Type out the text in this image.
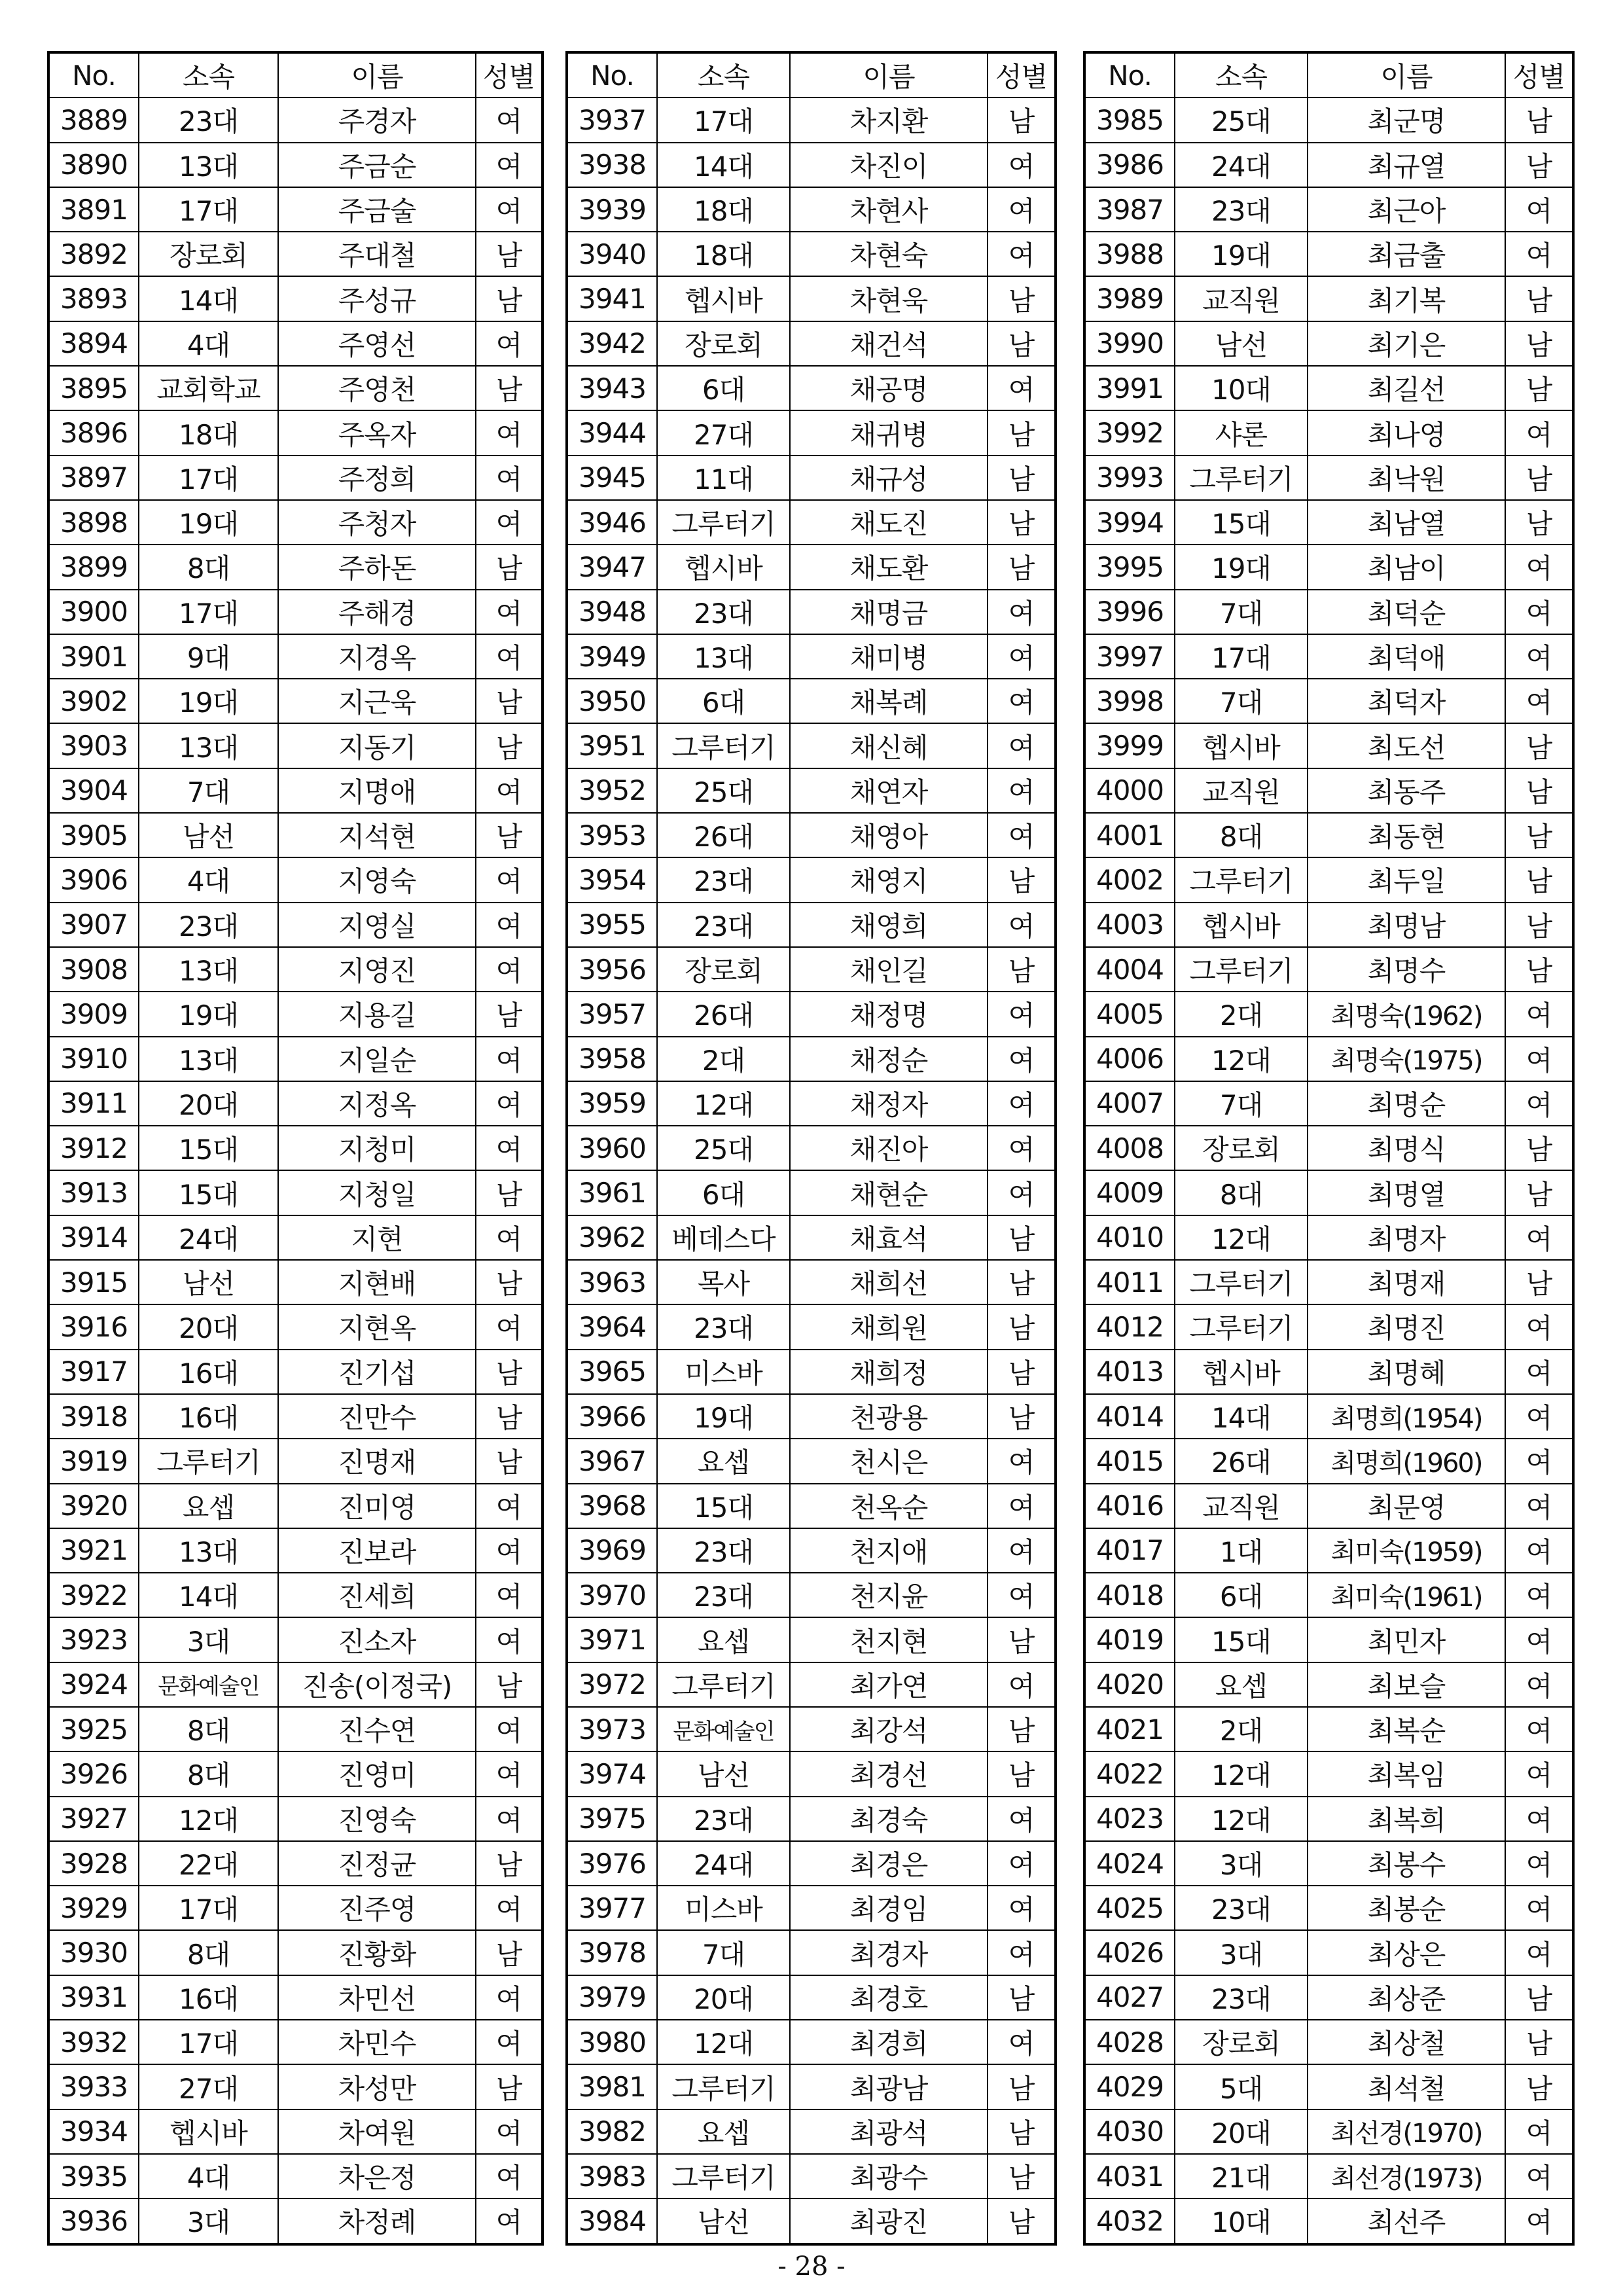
No.	소속	이름	성별
3889	23대	주경자	여
3890	13대	주금순	여
3891	17대	주금술	여
3892	장로회	주대철	남
3893	14대	주성규	남
3894	4대	주영선	여
3895	교회학교	주영천	남
3896	18대	주옥자	여
3897	17대	주정희	여
3898	19대	주청자	여
3899	8대	주하돈	남
3900	17대	주해경	여
3901	9대	지경옥	여
3902	19대	지근욱	남
3903	13대	지동기	남
3904	7대	지명애	여
3905	남선	지석현	남
3906	4대	지영숙	여
3907	23대	지영실	여
3908	13대	지영진	여
3909	19대	지용길	남
3910	13대	지일순	여
3911	20대	지정옥	여
3912	15대	지청미	여
3913	15대	지청일	남
3914	24대	지현	여
3915	남선	지현배	남
3916	20대	지현옥	여
3917	16대	진기섭	남
3918	16대	진만수	남
3919	그루터기	진명재	남
3920	요셉	진미영	여
3921	13대	진보라	여
3922	14대	진세희	여
3923	3대	진소자	여
3924	문화예술인	진송(이정국)	남
3925	8대	진수연	여
3926	8대	진영미	여
3927	12대	진영숙	여
3928	22대	진정균	남
3929	17대	진주영	여
3930	8대	진황화	남
3931	16대	차민선	여
3932	17대	차민수	여
3933	27대	차성만	남
3934	헵시바	차여원	여
3935	4대	차은정	여
3936	3대	차정례	여
No.	소속	이름	성별
3937	17대	차지환	남
3938	14대	차진이	여
3939	18대	차현사	여
3940	18대	차현숙	여
3941	헵시바	차현욱	남
3942	장로회	채건석	남
3943	6대	채공명	여
3944	27대	채귀병	남
3945	11대	채규성	남
3946	그루터기	채도진	남
3947	헵시바	채도환	남
3948	23대	채명금	여
3949	13대	채미병	여
3950	6대	채복례	여
3951	그루터기	채신혜	여
3952	25대	채연자	여
3953	26대	채영아	여
3954	23대	채영지	남
3955	23대	채영희	여
3956	장로회	채인길	남
3957	26대	채정명	여
3958	2대	채정순	여
3959	12대	채정자	여
3960	25대	채진아	여
3961	6대	채현순	여
3962	베데스다	채효석	남
3963	목사	채희선	남
3964	23대	채희원	남
3965	미스바	채희정	남
3966	19대	천광용	남
3967	요셉	천시은	여
3968	15대	천옥순	여
3969	23대	천지애	여
3970	23대	천지윤	여
3971	요셉	천지현	남
3972	그루터기	최가연	여
3973	문화예술인	최강석	남
3974	남선	최경선	남
3975	23대	최경숙	여
3976	24대	최경은	여
3977	미스바	최경임	여
3978	7대	최경자	여
3979	20대	최경호	남
3980	12대	최경희	여
3981	그루터기	최광남	남
3982	요셉	최광석	남
3983	그루터기	최광수	남
3984	남선	최광진	남
No.	소속	이름	성별
3985	25대	최군명	남
3986	24대	최규열	남
3987	23대	최근아	여
3988	19대	최금출	여
3989	교직원	최기복	남
3990	남선	최기은	남
3991	10대	최길선	남
3992	샤론	최나영	여
3993	그루터기	최낙원	남
3994	15대	최남열	남
3995	19대	최남이	여
3996	7대	최덕순	여
3997	17대	최덕애	여
3998	7대	최덕자	여
3999	헵시바	최도선	남
4000	교직원	최동주	남
4001	8대	최동현	남
4002	그루터기	최두일	남
4003	헵시바	최명남	남
4004	그루터기	최명수	남
4005	2대	최명숙(1962)	여
4006	12대	최명숙(1975)	여
4007	7대	최명순	여
4008	장로회	최명식	남
4009	8대	최명열	남
4010	12대	최명자	여
4011	그루터기	최명재	남
4012	그루터기	최명진	여
4013	헵시바	최명혜	여
4014	14대	최명희(1954)	여
4015	26대	최명희(1960)	여
4016	교직원	최문영	여
4017	1대	최미숙(1959)	여
4018	6대	최미숙(1961)	여
4019	15대	최민자	여
4020	요셉	최보슬	여
4021	2대	최복순	여
4022	12대	최복임	여
4023	12대	최복희	여
4024	3대	최봉수	여
4025	23대	최봉순	여
4026	3대	최상은	여
4027	23대	최상준	남
4028	장로회	최상철	남
4029	5대	최석철	남
4030	20대	최선경(1970)	여
4031	21대	최선경(1973)	여
4032	10대	최선주	여
- 28 -
